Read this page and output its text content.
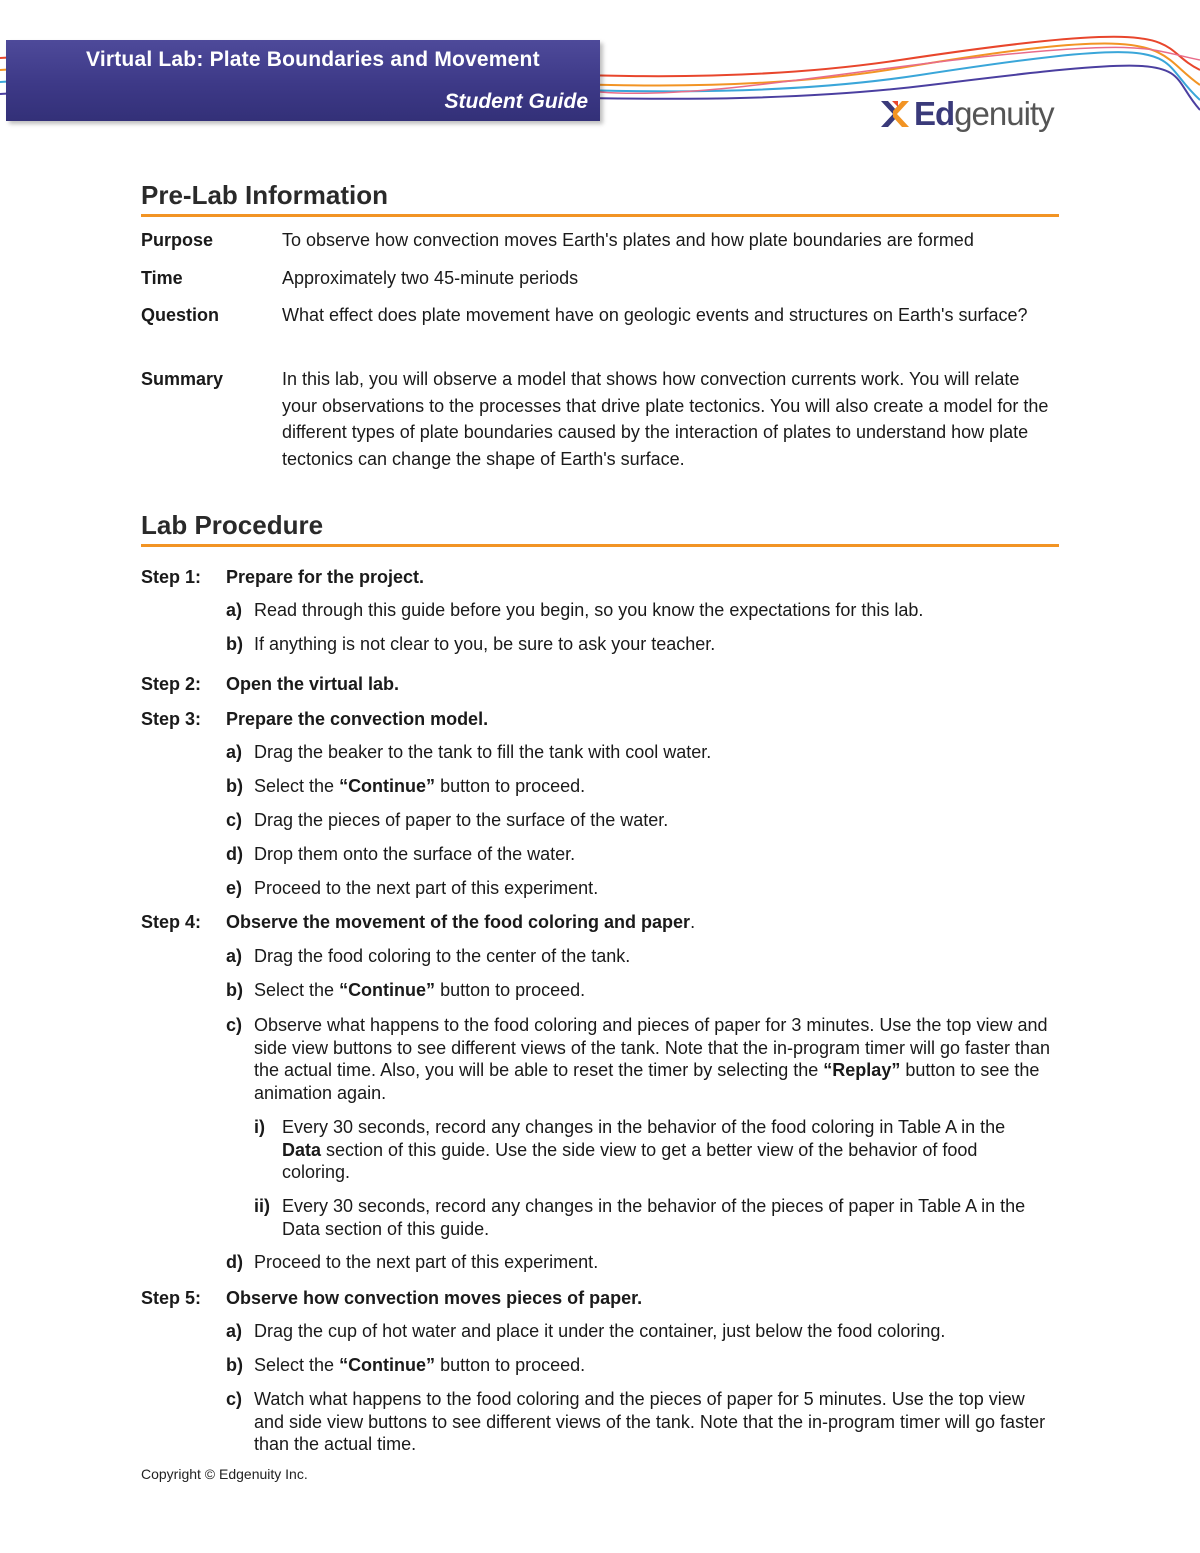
Virtual Lab: Plate Boundaries and Movement
Student Guide	Edgenuity
Pre-Lab Information
Purpose	To observe how convection moves Earth's plates and how plate boundaries are formed
Time	Approximately two 45-minute periods
Question	What effect does plate movement have on geologic events and structures on Earth's surface?
Summary	In this lab, you will observe a model that shows how convection currents work. You will relate your observations to the processes that drive plate tectonics. You will also create a model for the different types of plate boundaries caused by the interaction of plates to understand how plate tectonics can change the shape of Earth's surface.
Lab Procedure
Step 1:	Prepare for the project.
a) Read through this guide before you begin, so you know the expectations for this lab.
b) If anything is not clear to you, be sure to ask your teacher.
Step 2:	Open the virtual lab.
Step 3:	Prepare the convection model.
a) Drag the beaker to the tank to fill the tank with cool water.
b) Select the “Continue” button to proceed.
c) Drag the pieces of paper to the surface of the water.
d) Drop them onto the surface of the water.
e) Proceed to the next part of this experiment.
Step 4:	Observe the movement of the food coloring and paper.
a) Drag the food coloring to the center of the tank.
b) Select the “Continue” button to proceed.
c) Observe what happens to the food coloring and pieces of paper for 3 minutes. Use the top view and side view buttons to see different views of the tank. Note that the in-program timer will go faster than the actual time. Also, you will be able to reset the timer by selecting the “Replay” button to see the animation again.
i) Every 30 seconds, record any changes in the behavior of the food coloring in Table A in the Data section of this guide. Use the side view to get a better view of the behavior of food coloring.
ii) Every 30 seconds, record any changes in the behavior of the pieces of paper in Table A in the Data section of this guide.
d) Proceed to the next part of this experiment.
Step 5:	Observe how convection moves pieces of paper.
a) Drag the cup of hot water and place it under the container, just below the food coloring.
b) Select the “Continue” button to proceed.
c) Watch what happens to the food coloring and the pieces of paper for 5 minutes. Use the top view and side view buttons to see different views of the tank. Note that the in-program timer will go faster than the actual time.
Copyright © Edgenuity Inc.
